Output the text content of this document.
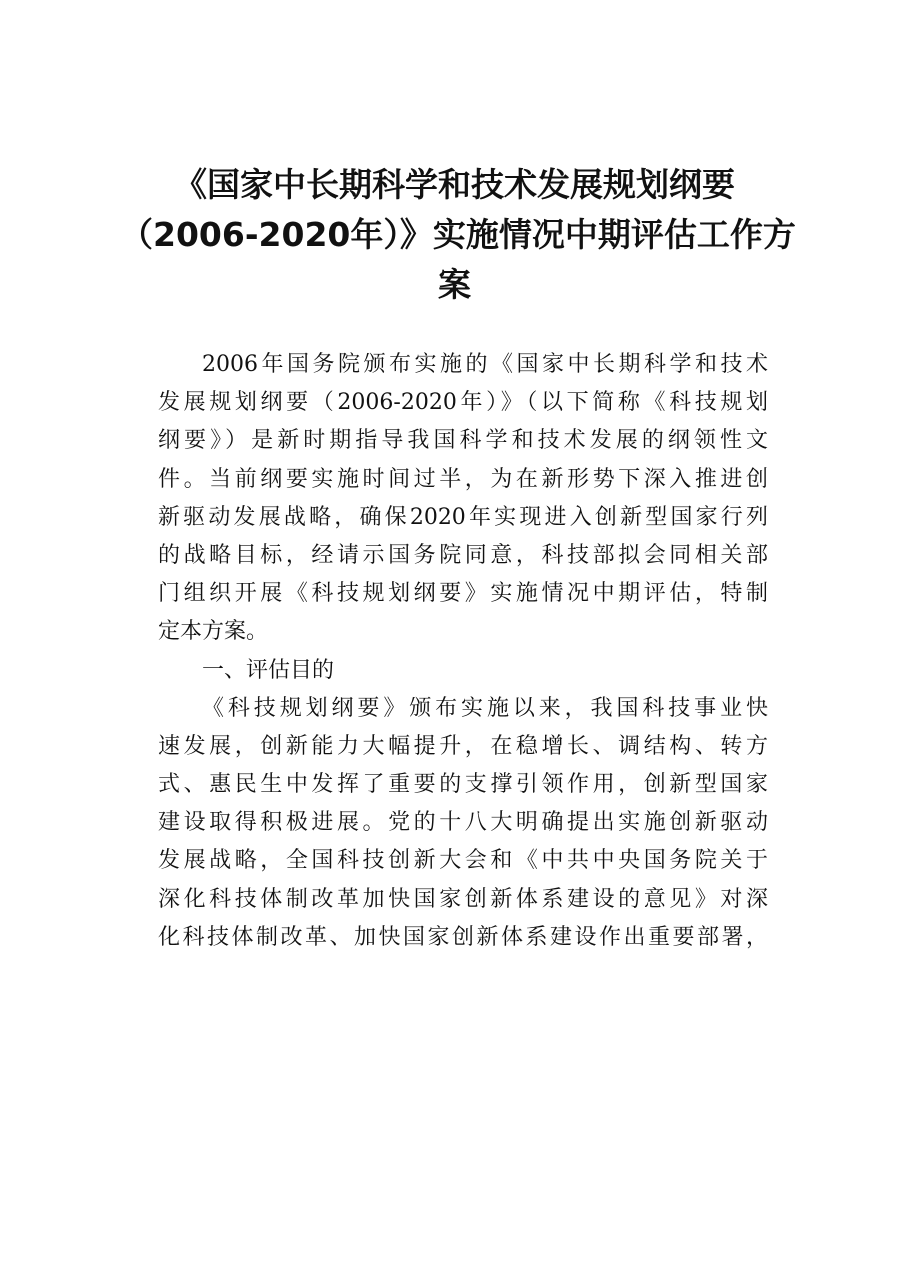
《国家中长期科学和技术发展规划纲要
（2006-2020年）》实施情况中期评估工作方
案
2006年国务院颁布实施的《国家中长期科学和技术
发展规划纲要（2006-2020年）》（以下简称《科技规划
纲要》）是新时期指导我国科学和技术发展的纲领性文
件。当前纲要实施时间过半，为在新形势下深入推进创
新驱动发展战略，确保2020年实现进入创新型国家行列
的战略目标，经请示国务院同意，科技部拟会同相关部
门组织开展《科技规划纲要》实施情况中期评估，特制
定本方案。
一、评估目的
《科技规划纲要》颁布实施以来，我国科技事业快
速发展，创新能力大幅提升，在稳增长、调结构、转方
式、惠民生中发挥了重要的支撑引领作用，创新型国家
建设取得积极进展。党的十八大明确提出实施创新驱动
发展战略，全国科技创新大会和《中共中央国务院关于
深化科技体制改革加快国家创新体系建设的意见》对深
化科技体制改革、加快国家创新体系建设作出重要部署，
